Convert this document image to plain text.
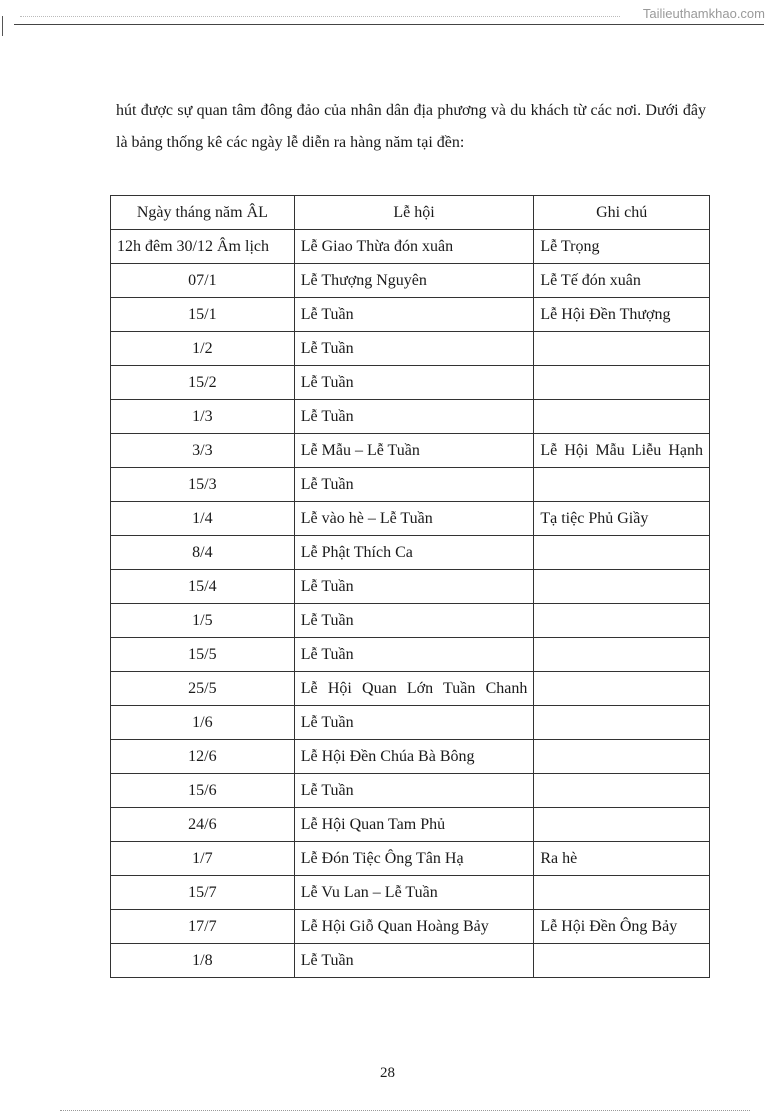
Tailieuthamkhao.com

hút được sự quan tâm đông đảo của nhân dân địa phương và du khách từ các nơi. Dưới đây là bảng thống kê các ngày lễ diễn ra hàng năm tại đền:

Ngày tháng năm ÂL	Lễ hội	Ghi chú
12h đêm 30/12 Âm lịch	Lễ Giao Thừa đón xuân	Lễ Trọng
07/1	Lễ Thượng Nguyên	Lễ Tế đón xuân
15/1	Lễ Tuần	Lễ Hội Đền Thượng
1/2	Lễ Tuần	
15/2	Lễ Tuần	
1/3	Lễ Tuần	
3/3	Lễ Mẫu – Lễ Tuần	Lễ Hội Mẫu Liễu Hạnh
15/3	Lễ Tuần	
1/4	Lễ vào hè – Lễ Tuần	Tạ tiệc Phủ Giầy
8/4	Lễ Phật Thích Ca	
15/4	Lễ Tuần	
1/5	Lễ Tuần	
15/5	Lễ Tuần	
25/5	Lễ Hội Quan Lớn Tuần Chanh	
1/6	Lễ Tuần	
12/6	Lễ Hội Đền Chúa Bà Bông	
15/6	Lễ Tuần	
24/6	Lễ Hội Quan Tam Phủ	
1/7	Lễ Đón Tiệc Ông Tân Hạ	Ra hè
15/7	Lễ Vu Lan – Lễ Tuần	
17/7	Lễ Hội Giỗ Quan Hoàng Bảy	Lễ Hội Đền Ông Bảy
1/8	Lễ Tuần	
28
